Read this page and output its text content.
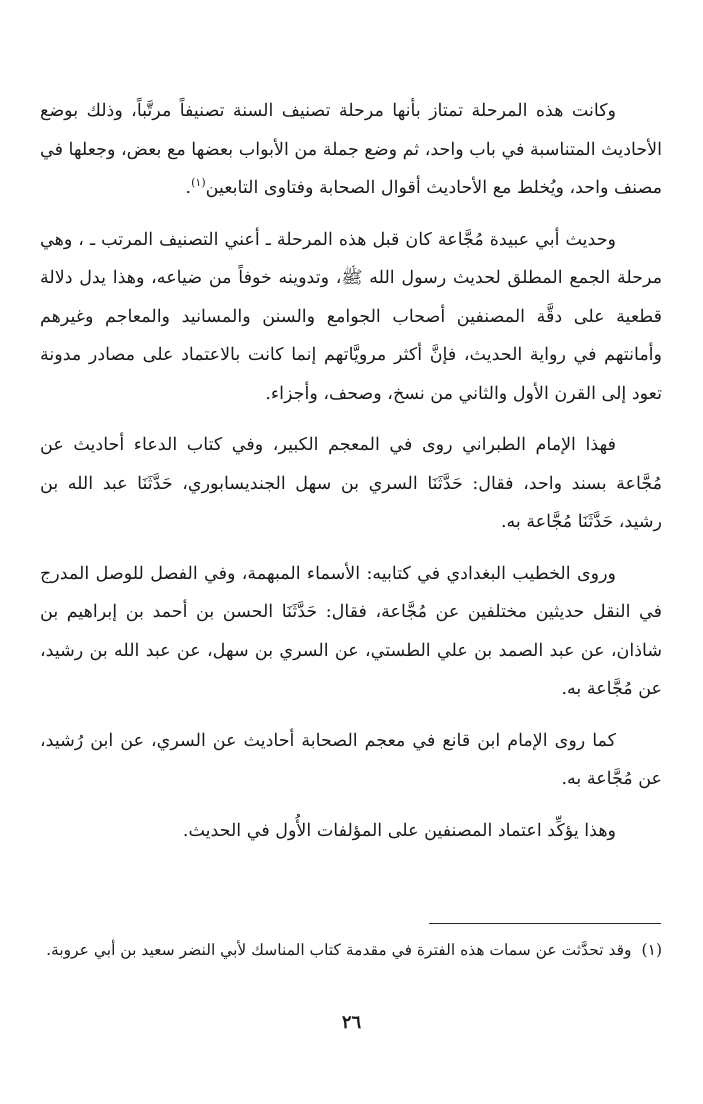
وكانت هذه المرحلة تمتاز بأنها مرحلة تصنيف السنة تصنيفاً مرتَّباً، وذلك بوضع الأحاديث المتناسبة في باب واحد، ثم وضع جملة من الأبواب بعضها مع بعض، وجعلها في مصنف واحد، ويُخلط مع الأحاديث أقوال الصحابة وفتاوى التابعين$^{(١)}$.

وحديث أبي عبيدة مُجَّاعة كان قبل هذه المرحلة ـ أعني التصنيف المرتب ـ ، وهي مرحلة الجمع المطلق لحديث رسول الله ﷺ، وتدوينه خوفاً من ضياعه، وهذا يدل دلالة قطعية على دقَّة المصنفين أصحاب الجوامع والسنن والمسانيد والمعاجم وغيرهم وأمانتهم في رواية الحديث، فإنَّ أكثر مرويَّاتهم إنما كانت بالاعتماد على مصادر مدونة تعود إلى القرن الأول والثاني من نسخ، وصحف، وأجزاء.

فهذا الإمام الطبراني روى في المعجم الكبير، وفي كتاب الدعاء أحاديث عن مُجَّاعة بسند واحد، فقال: حَدَّثَنَا السري بن سهل الجنديسابوري، حَدَّثَنَا عبد الله بن رشيد، حَدَّثَنَا مُجَّاعة به.

وروى الخطيب البغدادي في كتابيه: الأسماء المبهمة، وفي الفصل للوصل المدرج في النقل حديثين مختلفين عن مُجَّاعة، فقال: حَدَّثَنَا الحسن بن أحمد بن إبراهيم بن شاذان، عن عبد الصمد بن علي الطستي، عن السري بن سهل، عن عبد الله بن رشيد، عن مُجَّاعة به.

كما روى الإمام ابن قانع في معجم الصحابة أحاديث عن السري، عن ابن رُشيد، عن مُجَّاعة به.

وهذا يؤكِّد اعتماد المصنفين على المؤلفات الأُول في الحديث.

(١)وقد تحدَّثت عن سمات هذه الفترة في مقدمة كتاب المناسك لأبي النضر سعيد بن أبي عروبة.

٢٦
